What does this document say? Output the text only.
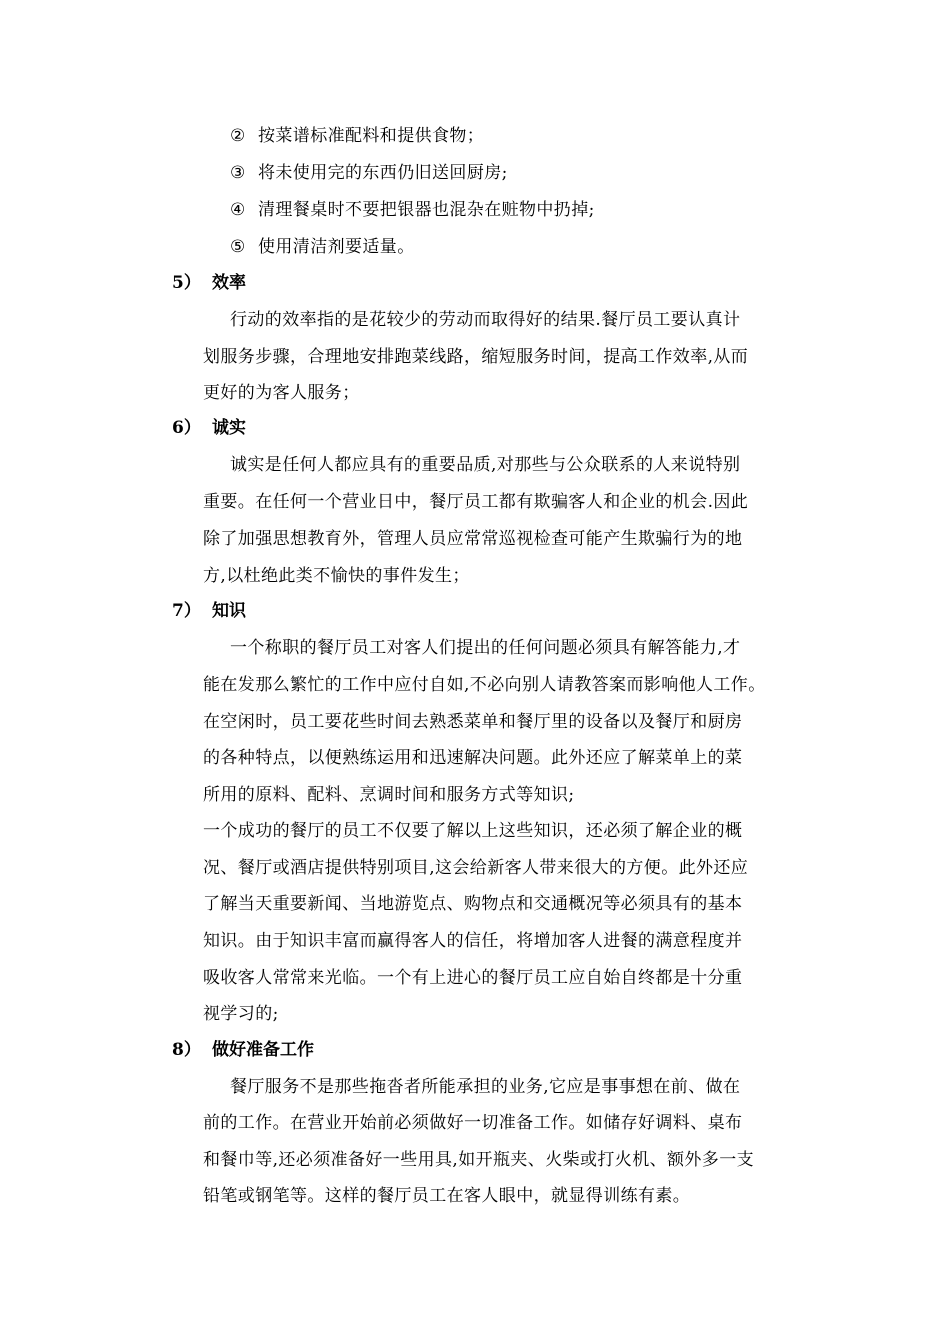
② 按菜谱标准配料和提供食物；
③ 将未使用完的东西仍旧送回厨房;
④ 清理餐桌时不要把银器也混杂在赃物中扔掉;
⑤ 使用清洁剂要适量。
5） 效率
行动的效率指的是花较少的劳动而取得好的结果.餐厅员工要认真计
划服务步骤，合理地安排跑菜线路，缩短服务时间，提高工作效率,从而
更好的为客人服务；
6） 诚实
诚实是任何人都应具有的重要品质,对那些与公众联系的人来说特别
重要。在任何一个营业日中，餐厅员工都有欺骗客人和企业的机会.因此
除了加强思想教育外，管理人员应常常巡视检查可能产生欺骗行为的地
方,以杜绝此类不愉快的事件发生；
7） 知识
一个称职的餐厅员工对客人们提出的任何问题必须具有解答能力,才
能在发那么繁忙的工作中应付自如,不必向别人请教答案而影响他人工作。
在空闲时，员工要花些时间去熟悉菜单和餐厅里的设备以及餐厅和厨房
的各种特点，以便熟练运用和迅速解决问题。此外还应了解菜单上的菜
所用的原料、配料、烹调时间和服务方式等知识;
一个成功的餐厅的员工不仅要了解以上这些知识，还必须了解企业的概
况、餐厅或酒店提供特别项目,这会给新客人带来很大的方便。此外还应
了解当天重要新闻、当地游览点、购物点和交通概况等必须具有的基本
知识。由于知识丰富而赢得客人的信任，将增加客人进餐的满意程度并
吸收客人常常来光临。一个有上进心的餐厅员工应自始自终都是十分重
视学习的;
8） 做好准备工作
餐厅服务不是那些拖沓者所能承担的业务,它应是事事想在前、做在
前的工作。在营业开始前必须做好一切准备工作。如储存好调料、桌布
和餐巾等,还必须准备好一些用具,如开瓶夹、火柴或打火机、额外多一支
铅笔或钢笔等。这样的餐厅员工在客人眼中，就显得训练有素。
